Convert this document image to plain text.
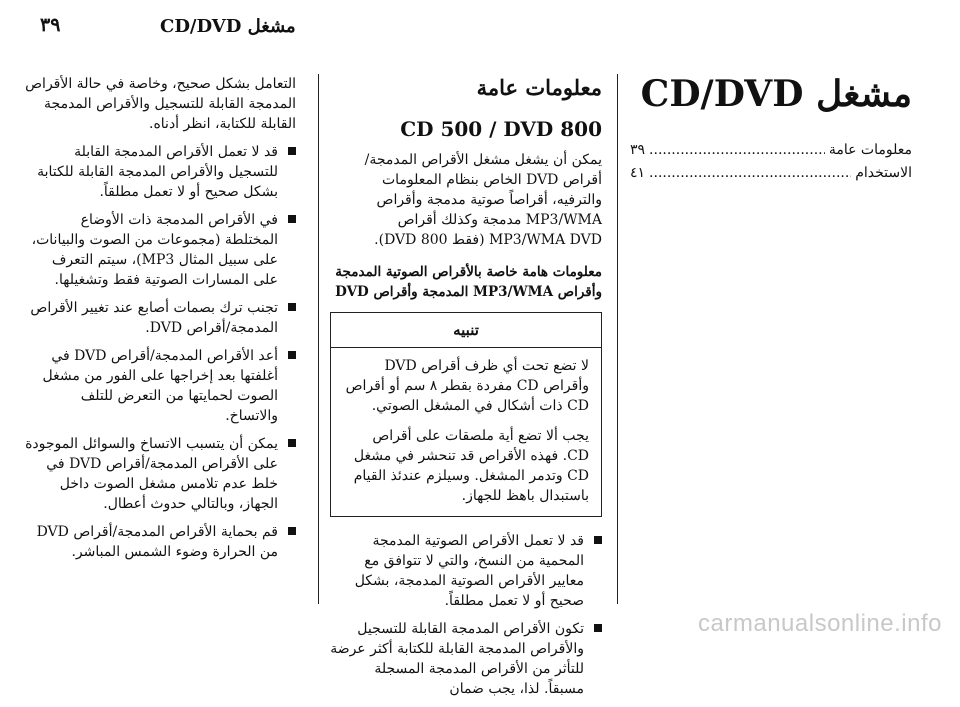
٣٩	مشغل CD/DVD
مشغل CD/DVD
معلومات عامة
.....
٣٩
الاستخدام
.....
٤١
معلومات عامة
CD 500 / DVD 800

يمكن أن يشغل مشغل الأقراص المدمجة/أقراص DVD الخاص بنظام المعلومات والترفيه، أقراصاً صوتية مدمجة وأقراص MP3/WMA مدمجة وكذلك أقراص MP3/WMA DVD (فقط DVD 800).

معلومات هامة خاصة بالأقراص الصوتية المدمجة وأقراص MP3/WMA المدمجة وأقراص DVD

تنبيه

لا تضع تحت أي ظرف أقراص DVD وأقراص CD مفردة بقطر ٨ سم أو أقراص CD ذات أشكال في المشغل الصوتي.

يجب ألا تضع أية ملصقات على أقراص CD. فهذه الأقراص قد تنحشر في مشغل CD وتدمر المشغل. وسيلزم عندئذ القيام باستبدال باهظ للجهاز.

قد لا تعمل الأقراص الصوتية المدمجة المحمية من النسخ، والتي لا تتوافق مع معايير الأقراص الصوتية المدمجة، بشكل صحيح أو لا تعمل مطلقاً.
تكون الأقراص المدمجة القابلة للتسجيل والأقراص المدمجة القابلة للكتابة أكثر عرضة للتأثر من الأقراص المدمجة المسجلة مسبقاً. لذا، يجب ضمان

التعامل بشكل صحيح، وخاصة في حالة الأقراص المدمجة القابلة للتسجيل والأقراص المدمجة القابلة للكتابة، انظر أدناه.

قد لا تعمل الأقراص المدمجة القابلة للتسجيل والأقراص المدمجة القابلة للكتابة بشكل صحيح أو لا تعمل مطلقاً.
في الأقراص المدمجة ذات الأوضاع المختلطة (مجموعات من الصوت والبيانات، على سبيل المثال MP3)، سيتم التعرف على المسارات الصوتية فقط وتشغيلها.
تجنب ترك بصمات أصابع عند تغيير الأقراص المدمجة/أقراص DVD.
أعد الأقراص المدمجة/أقراص DVD في أغلفتها بعد إخراجها على الفور من مشغل الصوت لحمايتها من التعرض للتلف والاتساخ.
يمكن أن يتسبب الاتساخ والسوائل الموجودة على الأقراص المدمجة/أقراص DVD في خلط عدم تلامس مشغل الصوت داخل الجهاز، وبالتالي حدوث أعطال.
قم بحماية الأقراص المدمجة/أقراص DVD من الحرارة وضوء الشمس المباشر.
carmanualsonline.info
